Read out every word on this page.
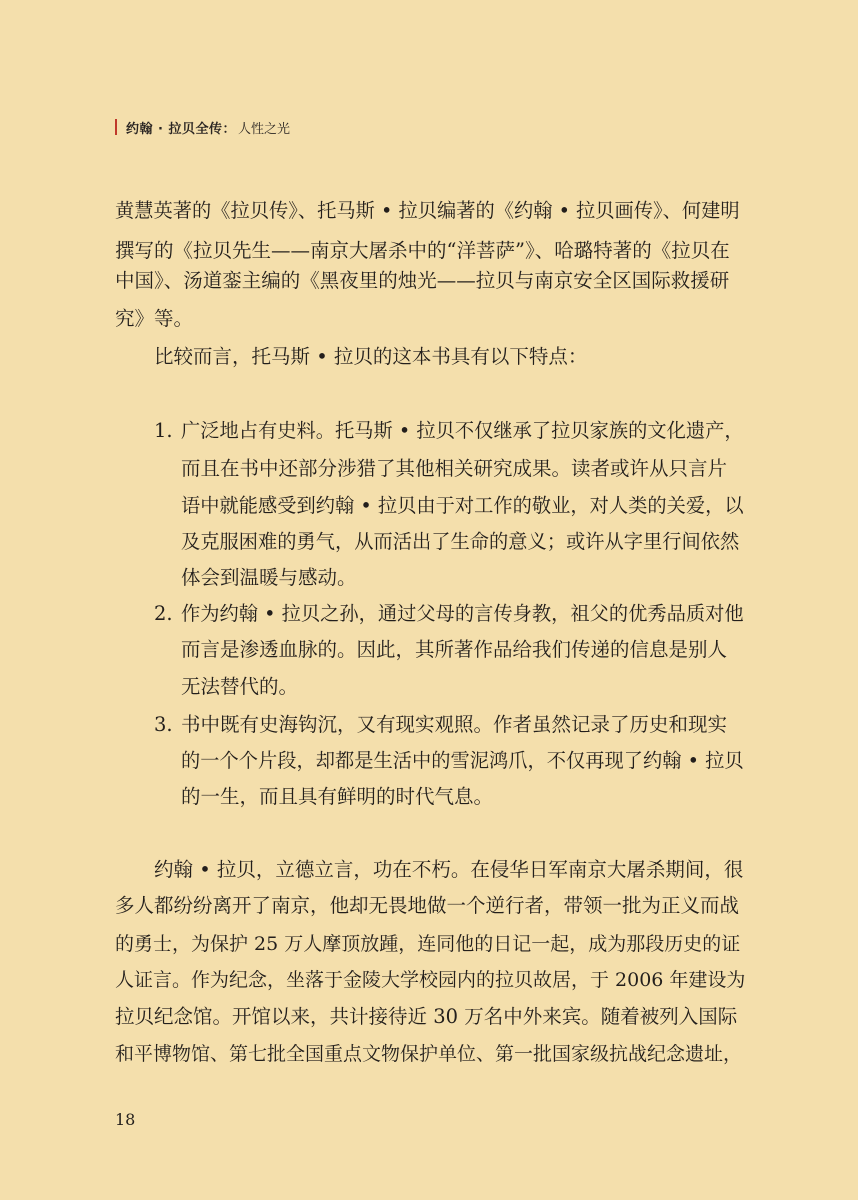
约翰 · 拉贝全传： 人性之光
黄慧英著的《拉贝传》、托马斯 • 拉贝编著的《约翰 • 拉贝画传》、何建明
撰写的《拉贝先生——南京大屠杀中的“洋菩萨”》、哈璐特著的《拉贝在
中国》、汤道銮主编的《黑夜里的烛光——拉贝与南京安全区国际救援研
究》等。
比较而言，托马斯 • 拉贝的这本书具有以下特点：
1. 广泛地占有史料。托马斯 • 拉贝不仅继承了拉贝家族的文化遗产，
而且在书中还部分涉猎了其他相关研究成果。读者或许从只言片
语中就能感受到约翰 • 拉贝由于对工作的敬业，对人类的关爱，以
及克服困难的勇气，从而活出了生命的意义；或许从字里行间依然
体会到温暖与感动。
2. 作为约翰 • 拉贝之孙，通过父母的言传身教，祖父的优秀品质对他
而言是渗透血脉的。因此，其所著作品给我们传递的信息是别人
无法替代的。
3. 书中既有史海钩沉，又有现实观照。作者虽然记录了历史和现实
的一个个片段，却都是生活中的雪泥鸿爪，不仅再现了约翰 • 拉贝
的一生，而且具有鲜明的时代气息。
约翰 • 拉贝，立德立言，功在不朽。在侵华日军南京大屠杀期间，很
多人都纷纷离开了南京，他却无畏地做一个逆行者，带领一批为正义而战
的勇士，为保护 25 万人摩顶放踵，连同他的日记一起，成为那段历史的证
人证言。作为纪念，坐落于金陵大学校园内的拉贝故居，于 2006 年建设为
拉贝纪念馆。开馆以来，共计接待近 30 万名中外来宾。随着被列入国际
和平博物馆、第七批全国重点文物保护单位、第一批国家级抗战纪念遗址，
18
